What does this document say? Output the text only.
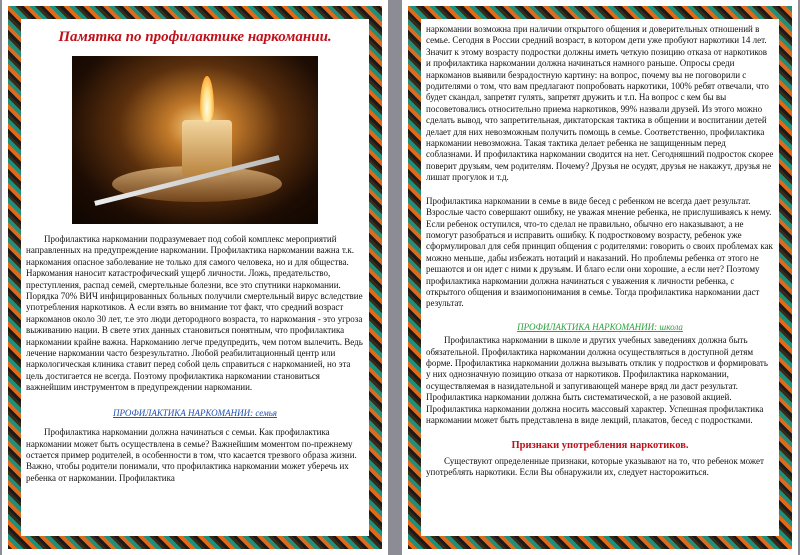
Памятка по профилактике наркомании.

Профилактика наркомании подразумевает под собой комплекс мероприятий направленных на предупреждение наркомании. Профилактика наркомании важна т.к. наркомания опасное заболевание не только для самого человека, но и для общества. Наркомания наносит катастрофический ущерб личности. Ложь, предательство, преступления, распад семей, смертельные болезни, все это спутники наркомании. Порядка 70% ВИЧ инфицированных больных получили смертельный вирус вследствие употребления наркотиков. А если взять во внимание тот факт, что средний возраст наркоманов около 30 лет, т.е это люди детородного возраста, то наркомания - это угроза выживанию нации. В свете этих данных становиться понятным, что профилактика наркомании крайне важна. Наркоманию легче предупредить, чем потом вылечить. Ведь лечение наркомании часто безрезультатно. Любой реабилитационный центр или наркологическая клиника ставит перед собой цель справиться с наркоманией, но эта цель достигается не всегда. Поэтому профилактика наркомании становиться важнейшим инструментом в предупреждении наркомании.

ПРОФИЛАКТИКА НАРКОМАНИИ: семья

Профилактика наркомании должна начинаться с семьи. Как профилактика наркомании может быть осуществлена в семье? Важнейшим моментом по-прежнему остается пример родителей, в особенности в том, что касается трезвого образа жизни. Важно, чтобы родители понимали, что профилактика наркомании может уберечь их ребенка от наркомании. Профилактика

наркомании возможна при наличии открытого общения и доверительных отношений в семье. Сегодня в России средний возраст, в котором дети уже пробуют наркотики 14 лет. Значит к этому возрасту подростки должны иметь четкую позицию отказа от наркотиков и профилактика наркомании должна начинаться намного раньше. Опросы среди наркоманов выявили безрадостную картину: на вопрос, почему вы не поговорили с родителями о том, что вам предлагают попробовать наркотики, 100% ребят отвечали, что будет скандал, запретят гулять, запретят дружить и т.п. На вопрос с кем бы вы посоветовались относительно приема наркотиков, 99% назвали друзей. Из этого можно сделать вывод, что запретительная, диктаторская тактика в общении и воспитании детей делает для них невозможным получить помощь в семье. Соответственно, профилактика наркомании невозможна. Такая тактика делает ребенка не защищенным перед соблазнами. И профилактика наркомании сводится на нет. Сегодняшний подросток скорее поверит друзьям, чем родителям. Почему? Друзья не осудят, друзья не накажут, друзья не лишат прогулок и т.д.

Профилактика наркомании в семье в виде бесед с ребенком не всегда дает результат. Взрослые часто совершают ошибку, не уважая мнение ребенка, не прислушиваясь к нему. Если ребенок оступился, что-то сделал не правильно, обычно его наказывают, а не помогут разобраться и исправить ошибку. К подростковому возрасту, ребенок уже сформулировал для себя принцип общения с родителями: говорить о своих проблемах как можно меньше, дабы избежать нотаций и наказаний. Но проблемы ребенка от этого не решаются и он идет с ними к друзьям. И благо если они хорошие, а если нет? Поэтому профилактика наркомании должна начинаться с уважения к личности ребенка, с открытого общения и взаимопонимания в семье. Тогда профилактика наркомании даст результат.

ПРОФИЛАКТИКА НАРКОМАНИИ: школа

Профилактика наркомании в школе и других учебных заведениях должна быть обязательной. Профилактика наркомании должна осуществляться в доступной детям форме. Профилактика наркомании должна вызывать отклик у подростков и формировать у них однозначную позицию отказа от наркотиков. Профилактика наркомании, осуществляемая в назидательной и запугивающей манере вряд ли даст результат. Профилактика наркомании должна быть систематической, а не разовой акцией. Профилактика наркомании должна носить массовый характер. Успешная профилактика наркомании может быть представлена в виде лекций, плакатов, бесед с подростками.

Признаки употребления наркотиков.

Существуют определенные признаки, которые указывают на то, что ребенок может употреблять наркотики. Если Вы обнаружили их, следует насторожиться.
